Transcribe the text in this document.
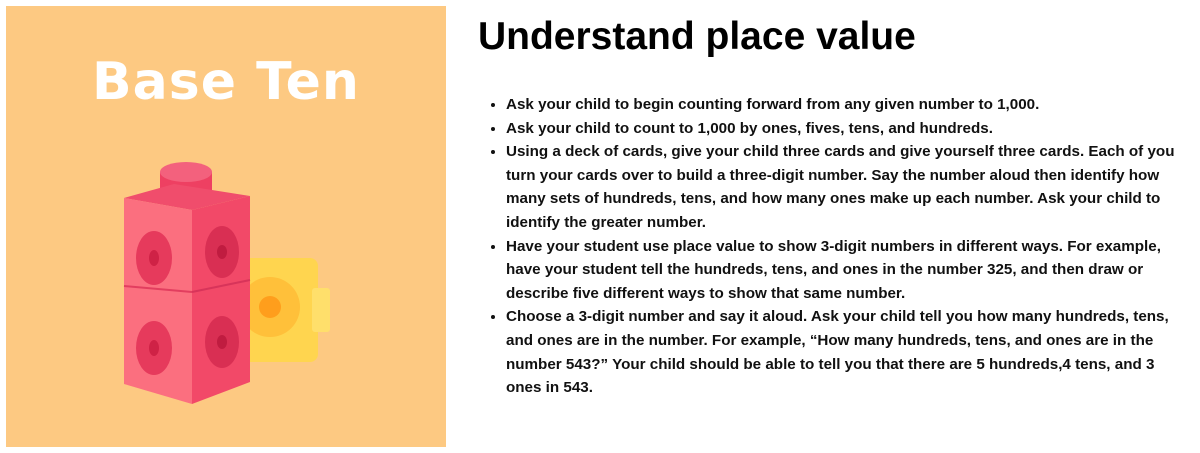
Base Ten
Understand place value
• Ask your child to begin counting forward from any given number to 1,000.
• Ask your child to count to 1,000 by ones, fives, tens, and hundreds.
• Using a deck of cards, give your child three cards and give yourself three cards. Each of you turn your cards over to build a three-digit number. Say the number aloud then identify how many sets of hundreds, tens, and how many ones make up each number. Ask your child to identify the greater number.
• Have your student use place value to show 3-digit numbers in different ways. For example, have your student tell the hundreds, tens, and ones in the number 325, and then draw or describe five different ways to show that same number.
• Choose a 3-digit number and say it aloud. Ask your child tell you how many hundreds, tens, and ones are in the number. For example, “How many hundreds, tens, and ones are in the number 543?” Your child should be able to tell you that there are 5 hundreds,4 tens, and 3 ones in 543.
